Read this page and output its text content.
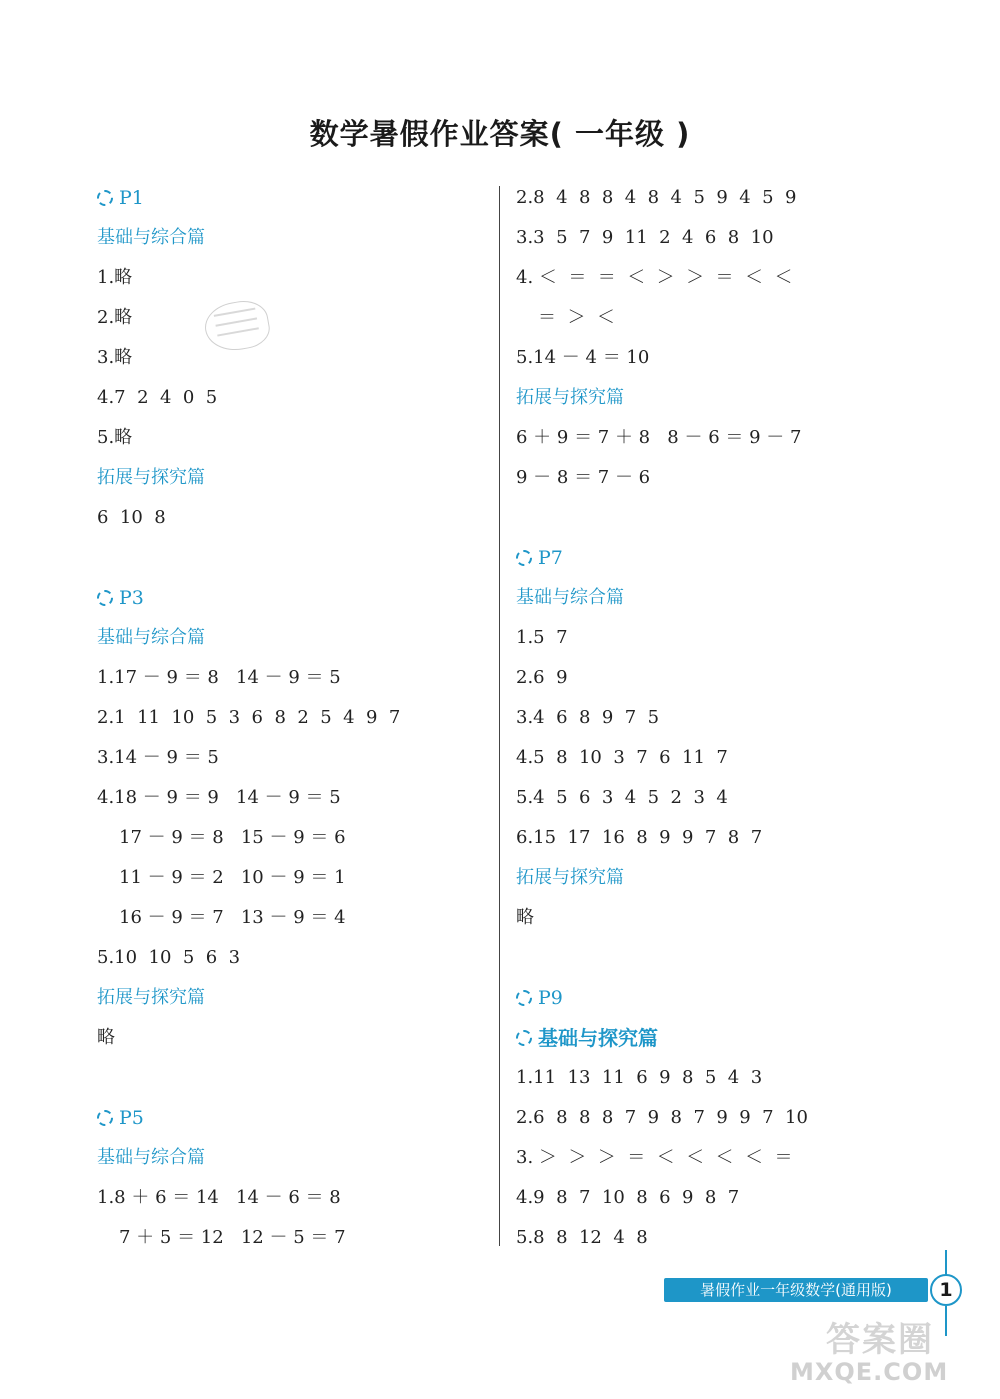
数学暑假作业答案( 一年级 )
P1
基础与综合篇
1.略
2.略
3.略
4.7  2  4  0  5
5.略
拓展与探究篇
6  10  8
P3
基础与综合篇
1.17 － 9 ＝ 8   14 － 9 ＝ 5
2.1  11  10  5  3  6  8  2  5  4  9  7
3.14 － 9 ＝ 5
4.18 － 9 ＝ 9   14 － 9 ＝ 5
17 － 9 ＝ 8   15 － 9 ＝ 6
11 － 9 ＝ 2   10 － 9 ＝ 1
16 － 9 ＝ 7   13 － 9 ＝ 4
5.10  10  5  6  3
拓展与探究篇
略
P5
基础与综合篇
1.8 ＋ 6 ＝ 14   14 － 6 ＝ 8
7 ＋ 5 ＝ 12   12 － 5 ＝ 7
2.8  4  8  8  4  8  4  5  9  4  5  9
3.3  5  7  9  11  2  4  6  8  10
4. ＜  ＝  ＝  ＜  ＞  ＞  ＝  ＜  ＜
＝  ＞  ＜
5.14 － 4 ＝ 10
拓展与探究篇
6 ＋ 9 ＝ 7 ＋ 8   8 － 6 ＝ 9 － 7
9 － 8 ＝ 7 － 6
P7
基础与综合篇
1.5  7
2.6  9
3.4  6  8  9  7  5
4.5  8  10  3  7  6  11  7
5.4  5  6  3  4  5  2  3  4
6.15  17  16  8  9  9  7  8  7
拓展与探究篇
略
P9
基础与探究篇
1.11  13  11  6  9  8  5  4  3
2.6  8  8  8  7  9  8  7  9  9  7  10
3. ＞  ＞  ＞  ＝  ＜  ＜  ＜  ＜  ＝
4.9  8  7  10  8  6  9  8  7
5.8  8  12  4  8
暑假作业一年级数学(通用版)	1
答案圈
MXQE.COM
